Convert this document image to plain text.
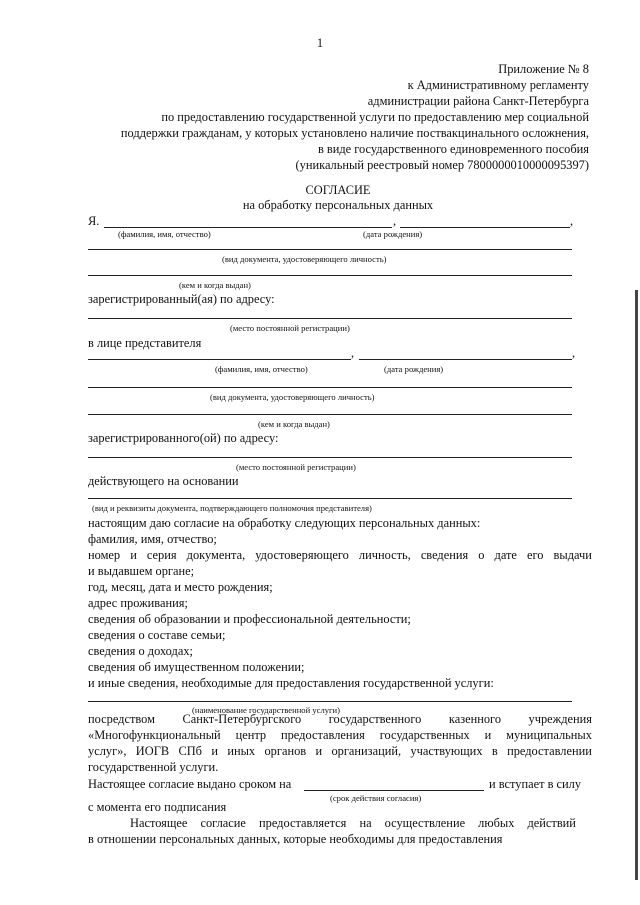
1
Приложение № 8
к Административному регламенту
администрации района Санкт-Петербурга
по предоставлению государственной услуги по предоставлению мер социальной
поддержки гражданам, у которых установлено наличие поствакцинального осложнения,
в виде государственного единовременного пособия
(уникальный реестровый номер 7800000010000095397)
СОГЛАСИЕ
на обработку персональных данных
Я.	,	,
(фамилия, имя, отчество)	(дата рождения)
(вид документа, удостоверяющего личность)
(кем и когда выдан)
зарегистрированный(ая) по адресу:
(место постоянной регистрации)
в лице представителя
,	,
(фамилия, имя, отчество)	(дата рождения)
(вид документа, удостоверяющего личность)
(кем и когда выдан)
зарегистрированного(ой) по адресу:
(место постоянной регистрации)
действующего на основании
(вид и реквизиты документа, подтверждающего полномочия представителя)
настоящим даю согласие на обработку следующих персональных данных:
фамилия, имя, отчество;
номер и серия документа, удостоверяющего личность, сведения о дате его выдачи
и выдавшем органе;
год, месяц, дата и место рождения;
адрес проживания;
сведения об образовании и профессиональной деятельности;
сведения о составе семьи;
сведения о доходах;
сведения об имущественном положении;
и иные сведения, необходимые для предоставления государственной услуги:
(наименование государственной услуги)
посредством Санкт-Петербургского государственного казенного учреждения
«Многофункциональный центр предоставления государственных и муниципальных
услуг», ИОГВ СПб и иных органов и организаций, участвующих в предоставлении
государственной услуги.
Настоящее согласие выдано сроком на	и вступает в силу
(срок действия согласия)
с момента его подписания
Настоящее согласие предоставляется на осуществление любых действий
в отношении персональных данных, которые необходимы для предоставления
